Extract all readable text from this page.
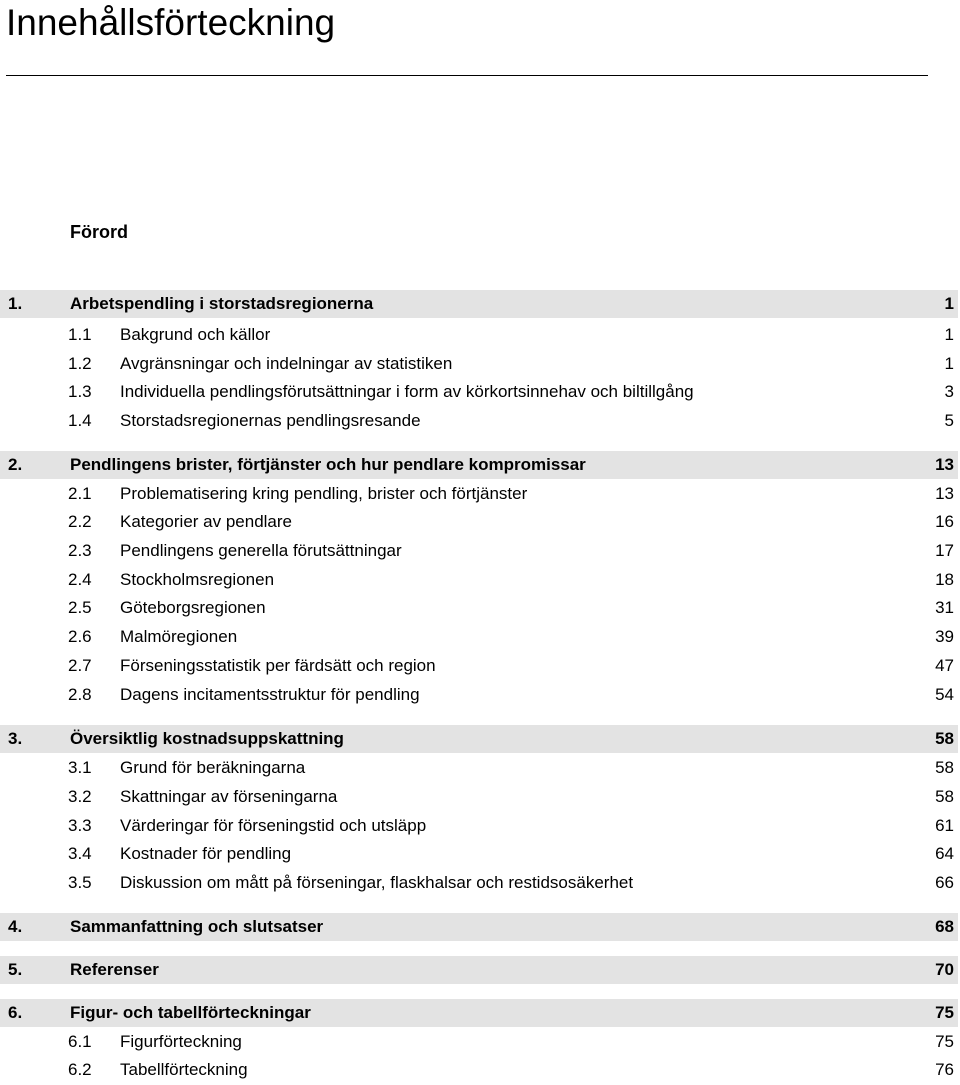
Innehållsförteckning
Förord
1.	Arbetspendling i storstadsregionerna	1
1.1 Bakgrund och källor	1
1.2 Avgränsningar och indelningar av statistiken	1
1.3 Individuella pendlingsförutsättningar i form av körkortsinnehav och biltillgång	3
1.4 Storstadsregionernas pendlingsresande	5
2.	Pendlingens brister, förtjänster och hur pendlare kompromissar	13
2.1 Problematisering kring pendling, brister och förtjänster	13
2.2 Kategorier av pendlare	16
2.3 Pendlingens generella förutsättningar	17
2.4 Stockholmsregionen	18
2.5 Göteborgsregionen	31
2.6 Malmöregionen	39
2.7 Förseningsstatistik per färdsätt och region	47
2.8 Dagens incitamentsstruktur för pendling	54
3.	Översiktlig kostnadsuppskattning	58
3.1 Grund för beräkningarna	58
3.2 Skattningar av förseningarna	58
3.3 Värderingar för förseningstid och utsläpp	61
3.4 Kostnader för pendling	64
3.5 Diskussion om mått på förseningar, flaskhalsar och restidsosäkerhet	66
4.	Sammanfattning och slutsatser	68
5.	Referenser	70
6.	Figur- och tabellförteckningar	75
6.1 Figurförteckning	75
6.2 Tabellförteckning	76
